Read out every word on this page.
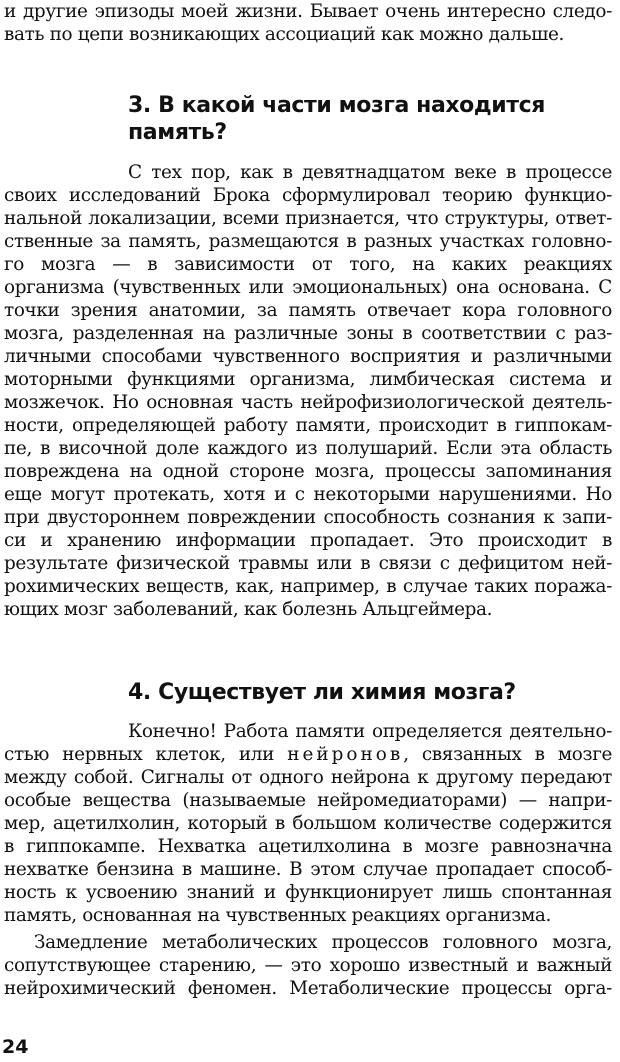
и другие эпизоды моей жизни. Бывает очень интересно следо-
вать по цепи возникающих ассоциаций как можно дальше.
3. В какой части мозга находится
память?
С тех пор, как в девятнадцатом веке в процессе
своих исследований Брока сформулировал теорию функцио-
нальной локализации, всеми признается, что структуры, ответ-
ственные за память, размещаются в разных участках головно-
го мозга — в зависимости от того, на каких реакциях
организма (чувственных или эмоциональных) она основана. С
точки зрения анатомии, за память отвечает кора головного
мозга, разделенная на различные зоны в соответствии с раз-
личными способами чувственного восприятия и различными
моторными функциями организма, лимбическая система и
мозжечок. Но основная часть нейрофизиологической деятель-
ности, определяющей работу памяти, происходит в гиппокам-
пе, в височной доле каждого из полушарий. Если эта область
повреждена на одной стороне мозга, процессы запоминания
еще могут протекать, хотя и с некоторыми нарушениями. Но
при двустороннем повреждении способность сознания к запи-
си и хранению информации пропадает. Это происходит в
результате физической травмы или в связи с дефицитом ней-
рохимических веществ, как, например, в случае таких поража-
ющих мозг заболеваний, как болезнь Альцгеймера.
4. Существует ли химия мозга?
Конечно! Работа памяти определяется деятельно-
стью нервных клеток, или нейронов, связанных в мозге
между собой. Сигналы от одного нейрона к другому передают
особые вещества (называемые нейромедиаторами) — напри-
мер, ацетилхолин, который в большом количестве содержится
в гиппокампе. Нехватка ацетилхолина в мозге равнозначна
нехватке бензина в машине. В этом случае пропадает способ-
ность к усвоению знаний и функционирует лишь спонтанная
память, основанная на чувственных реакциях организма.
Замедление метаболических процессов головного мозга,
сопутствующее старению, — это хорошо известный и важный
нейрохимический феномен. Метаболические процессы орга-
24
